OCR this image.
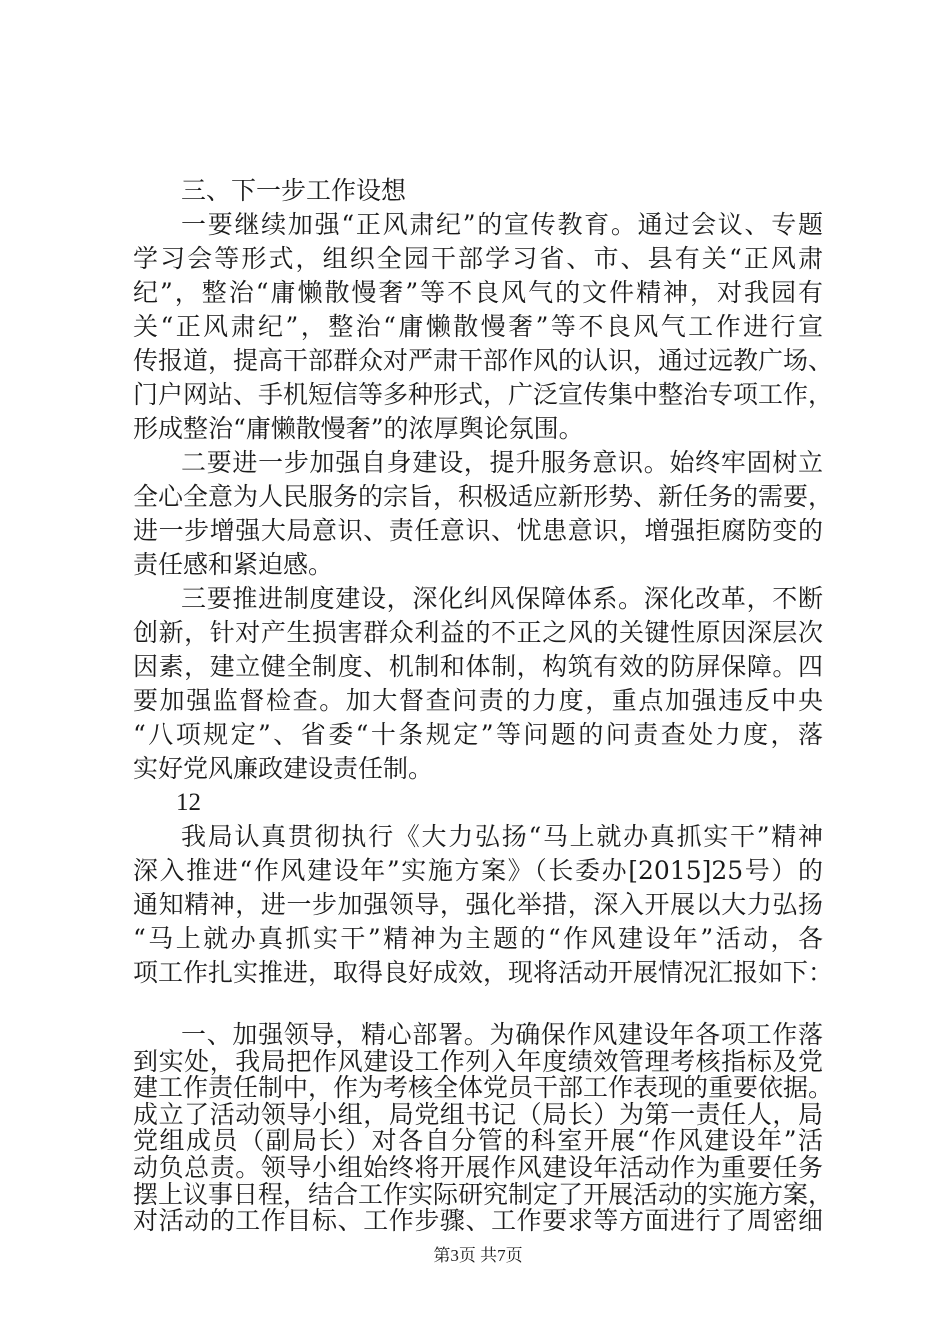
三、下一步工作设想
一要继续加强“正风肃纪”的宣传教育。通过会议、专题
学习会等形式，组织全园干部学习省、市、县有关“正风肃
纪”，整治“庸懒散慢奢”等不良风气的文件精神，对我园有
关“正风肃纪”，整治“庸懒散慢奢”等不良风气工作进行宣
传报道，提高干部群众对严肃干部作风的认识，通过远教广场、
门户网站、手机短信等多种形式，广泛宣传集中整治专项工作，
形成整治“庸懒散慢奢”的浓厚舆论氛围。
二要进一步加强自身建设，提升服务意识。始终牢固树立
全心全意为人民服务的宗旨，积极适应新形势、新任务的需要，
进一步增强大局意识、责任意识、忧患意识，增强拒腐防变的
责任感和紧迫感。
三要推进制度建设，深化纠风保障体系。深化改革，不断
创新，针对产生损害群众利益的不正之风的关键性原因深层次
因素，建立健全制度、机制和体制，构筑有效的防屏保障。四
要加强监督检查。加大督查问责的力度，重点加强违反中央
“八项规定”、省委“十条规定”等问题的问责查处力度，落
实好党风廉政建设责任制。
12
我局认真贯彻执行《大力弘扬“马上就办真抓实干”精神
深入推进“作风建设年”实施方案》（长委办[2015]25号）的
通知精神，进一步加强领导，强化举措，深入开展以大力弘扬
“马上就办真抓实干”精神为主题的“作风建设年”活动，各
项工作扎实推进，取得良好成效，现将活动开展情况汇报如下：
一、加强领导，精心部署。为确保作风建设年各项工作落
到实处，我局把作风建设工作列入年度绩效管理考核指标及党
建工作责任制中，作为考核全体党员干部工作表现的重要依据。
成立了活动领导小组，局党组书记（局长）为第一责任人，局
党组成员（副局长）对各自分管的科室开展“作风建设年”活
动负总责。领导小组始终将开展作风建设年活动作为重要任务
第3页 共7页
摆上议事日程，结合工作实际研究制定了开展活动的实施方案，
对活动的工作目标、工作步骤、工作要求等方面进行了周密细
